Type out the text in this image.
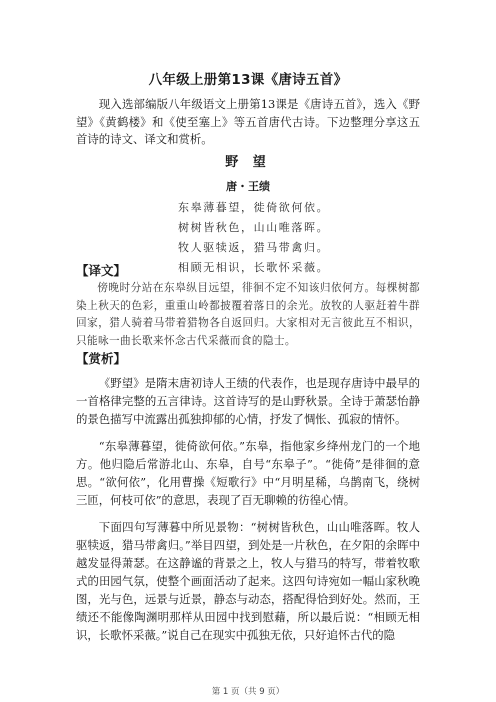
八年级上册第13课《唐诗五首》

现入选部编版八年级语文上册第13课是《唐诗五首》，选入《野望》《黄鹤楼》和《使至塞上》等五首唐代古诗。下边整理分享这五首诗的诗文、译文和赏析。

野 望
唐・王绩
东皋薄暮望，徙倚欲何依。
树树皆秋色，山山唯落晖。
牧人驱犊返，猎马带禽归。
相顾无相识，长歌怀采薇。
【译文】

傍晚时分站在东皋纵目远望，徘徊不定不知该归依何方。每棵树都染上秋天的色彩，重重山岭都披覆着落日的余光。放牧的人驱赶着牛群回家，猎人骑着马带着猎物各自返回归。大家相对无言彼此互不相识，只能咏一曲长歌来怀念古代采薇而食的隐士。

【赏析】

《野望》是隋末唐初诗人王绩的代表作，也是现存唐诗中最早的一首格律完整的五言律诗。这首诗写的是山野秋景。全诗于萧瑟怡静的景色描写中流露出孤独抑郁的心情，抒发了惆怅、孤寂的情怀。

“东皋薄暮望，徙倚欲何依。”东皋，指他家乡绛州龙门的一个地方。他归隐后常游北山、东皋，自号“东皋子”。“徙倚”是徘徊的意思。“欲何依”，化用曹操《短歌行》中“月明星稀，乌鹊南飞，绕树三匝，何枝可依”的意思，表现了百无聊赖的彷徨心情。

下面四句写薄暮中所见景物：“树树皆秋色，山山唯落晖。牧人驱犊返，猎马带禽归。”举目四望，到处是一片秋色，在夕阳的余晖中越发显得萧瑟。在这静谧的背景之上，牧人与猎马的特写，带着牧歌式的田园气氛，使整个画面活动了起来。这四句诗宛如一幅山家秋晚图，光与色，远景与近景，静态与动态，搭配得恰到好处。然而，王绩还不能像陶渊明那样从田园中找到慰藉，所以最后说：“相顾无相识，长歌怀采薇。”说自己在现实中孤独无依，只好追怀古代的隐

第 1 页（共 9 页）
